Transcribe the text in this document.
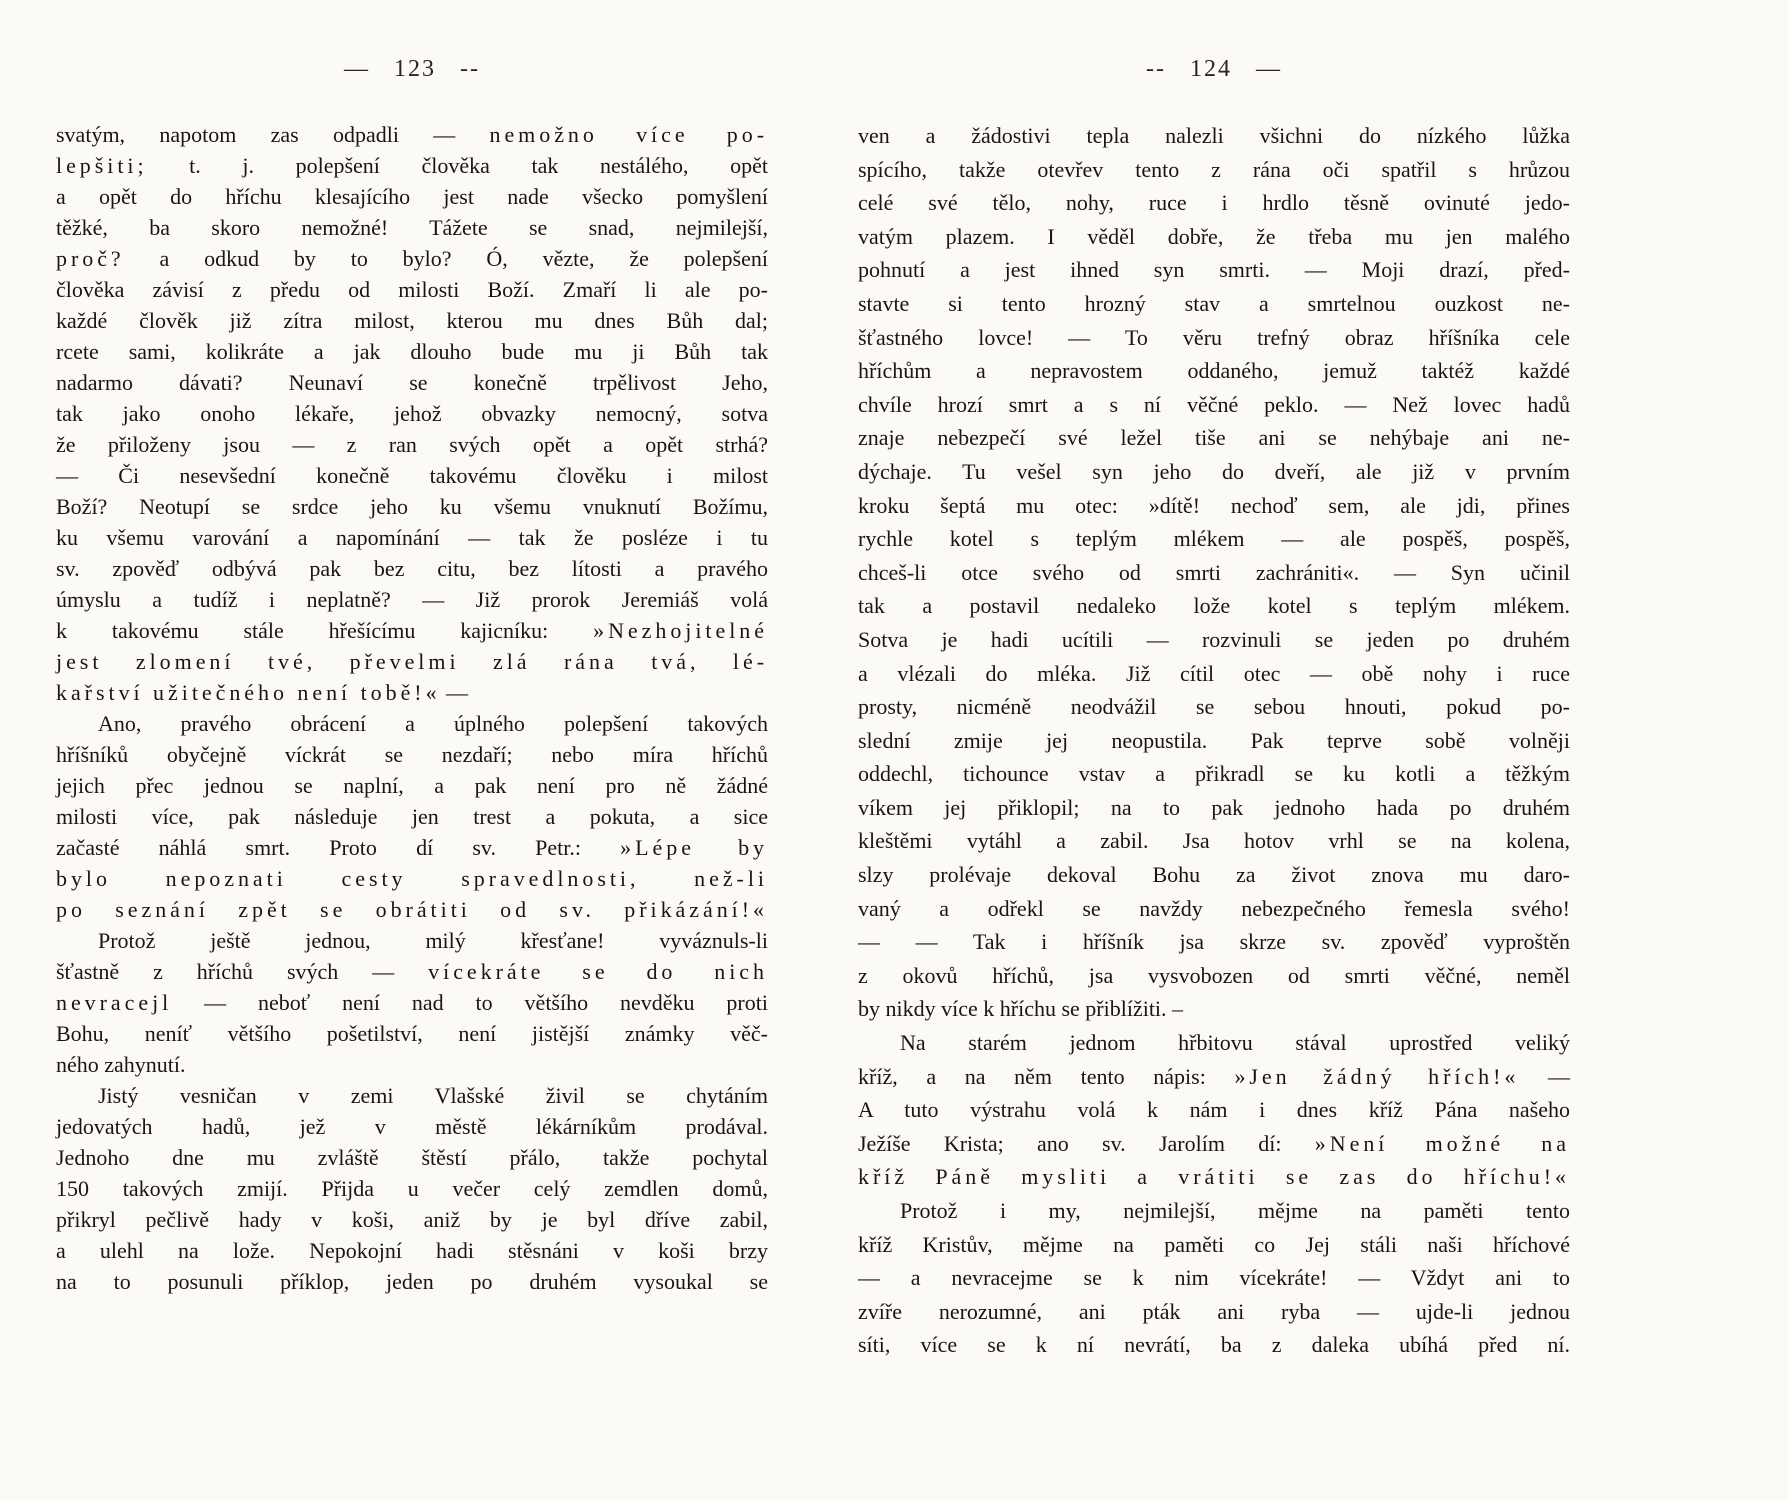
— 123 --
svatým, napotom zas odpadli — nemožno více po-
lepšiti; t. j. polepšení člověka tak nestálého, opět
a opět do hříchu klesajícího jest nade všecko pomyšlení
těžké, ba skoro nemožné! Tážete se snad, nejmilejší,
proč? a odkud by to bylo? Ó, vězte, že polepšení
člověka závisí z předu od milosti Boží. Zmaří li ale po-
každé člověk již zítra milost, kterou mu dnes Bůh dal;
rcete sami, kolikráte a jak dlouho bude mu ji Bůh tak
nadarmo dávati? Neunaví se konečně trpělivost Jeho,
tak jako onoho lékaře, jehož obvazky nemocný, sotva
že přiloženy jsou — z ran svých opět a opět strhá?
— Či nesevšední konečně takovému člověku i milost
Boží? Neotupí se srdce jeho ku všemu vnuknutí Božímu,
ku všemu varování a napomínání — tak že posléze i tu
sv. zpověď odbývá pak bez citu, bez lítosti a pravého
úmyslu a tudíž i neplatně? — Již prorok Jeremiáš volá
k takovému stále hřešícímu kajicníku: »Nezhojitelné
jest zlomení tvé, převelmi zlá rána tvá, lé-
kařství užitečného není tobě!« —
Ano, pravého obrácení a úplného polepšení takových
hříšníků obyčejně víckrát se nezdaří; nebo míra hříchů
jejich přec jednou se naplní, a pak není pro ně žádné
milosti více, pak následuje jen trest a pokuta, a sice
začasté náhlá smrt. Proto dí sv. Petr.: »Lépe by
bylo nepoznati cesty spravedlnosti, než-li
po seznání zpět se obrátiti od sv. přikázání!«
Protož ještě jednou, milý křesťane! vyváznuls-li
šťastně z hříchů svých — vícekráte se do nich
nevracejl — neboť není nad to většího nevděku proti
Bohu, neníť většího pošetilství, není jistější známky věč-
ného zahynutí.
Jistý vesničan v zemi Vlašské živil se chytáním
jedovatých hadů, jež v městě lékárníkům prodával.
Jednoho dne mu zvláště štěstí přálo, takže pochytal
150 takových zmijí. Přijda u večer celý zemdlen domů,
přikryl pečlivě hady v koši, aniž by je byl dříve zabil,
a ulehl na lože. Nepokojní hadi stěsnáni v koši brzy
na to posunuli příklop, jeden po druhém vysoukal se
-- 124 —
ven a žádostivi tepla nalezli všichni do nízkého lůžka
spícího, takže otevřev tento z rána oči spatřil s hrůzou
celé své tělo, nohy, ruce i hrdlo těsně ovinuté jedo-
vatým plazem. I věděl dobře, že třeba mu jen malého
pohnutí a jest ihned syn smrti. — Moji drazí, před-
stavte si tento hrozný stav a smrtelnou ouzkost ne-
šťastného lovce! — To věru trefný obraz hříšníka cele
hříchům a nepravostem oddaného, jemuž taktéž každé
chvíle hrozí smrt a s ní věčné peklo. — Než lovec hadů
znaje nebezpečí své ležel tiše ani se nehýbaje ani ne-
dýchaje. Tu vešel syn jeho do dveří, ale již v prvním
kroku šeptá mu otec: »dítě! nechoď sem, ale jdi, přines
rychle kotel s teplým mlékem — ale pospěš, pospěš,
chceš-li otce svého od smrti zachrániti«. — Syn učinil
tak a postavil nedaleko lože kotel s teplým mlékem.
Sotva je hadi ucítili — rozvinuli se jeden po druhém
a vlézali do mléka. Již cítil otec — obě nohy i ruce
prosty, nicméně neodvážil se sebou hnouti, pokud po-
slední zmije jej neopustila. Pak teprve sobě volněji
oddechl, tichounce vstav a přikradl se ku kotli a těžkým
víkem jej přiklopil; na to pak jednoho hada po druhém
kleštěmi vytáhl a zabil. Jsa hotov vrhl se na kolena,
slzy prolévaje dekoval Bohu za život znova mu daro-
vaný a odřekl se navždy nebezpečného řemesla svého!
— — Tak i hříšník jsa skrze sv. zpověď vyproštěn
z okovů hříchů, jsa vysvobozen od smrti věčné, neměl
by nikdy více k hříchu se přiblížiti. –
Na starém jednom hřbitovu stával uprostřed veliký
kříž, a na něm tento nápis: »Jen žádný hřích!« —
A tuto výstrahu volá k nám i dnes kříž Pána našeho
Ježíše Krista; ano sv. Jarolím dí: »Není možné na
kříž Páně mysliti a vrátiti se zas do hříchu!«
Protož i my, nejmilejší, mějme na paměti tento
kříž Kristův, mějme na paměti co Jej stáli naši hříchové
— a nevracejme se k nim vícekráte! — Vždyt ani to
zvíře nerozumné, ani pták ani ryba — ujde-li jednou
síti, více se k ní nevrátí, ba z daleka ubíhá před ní.
